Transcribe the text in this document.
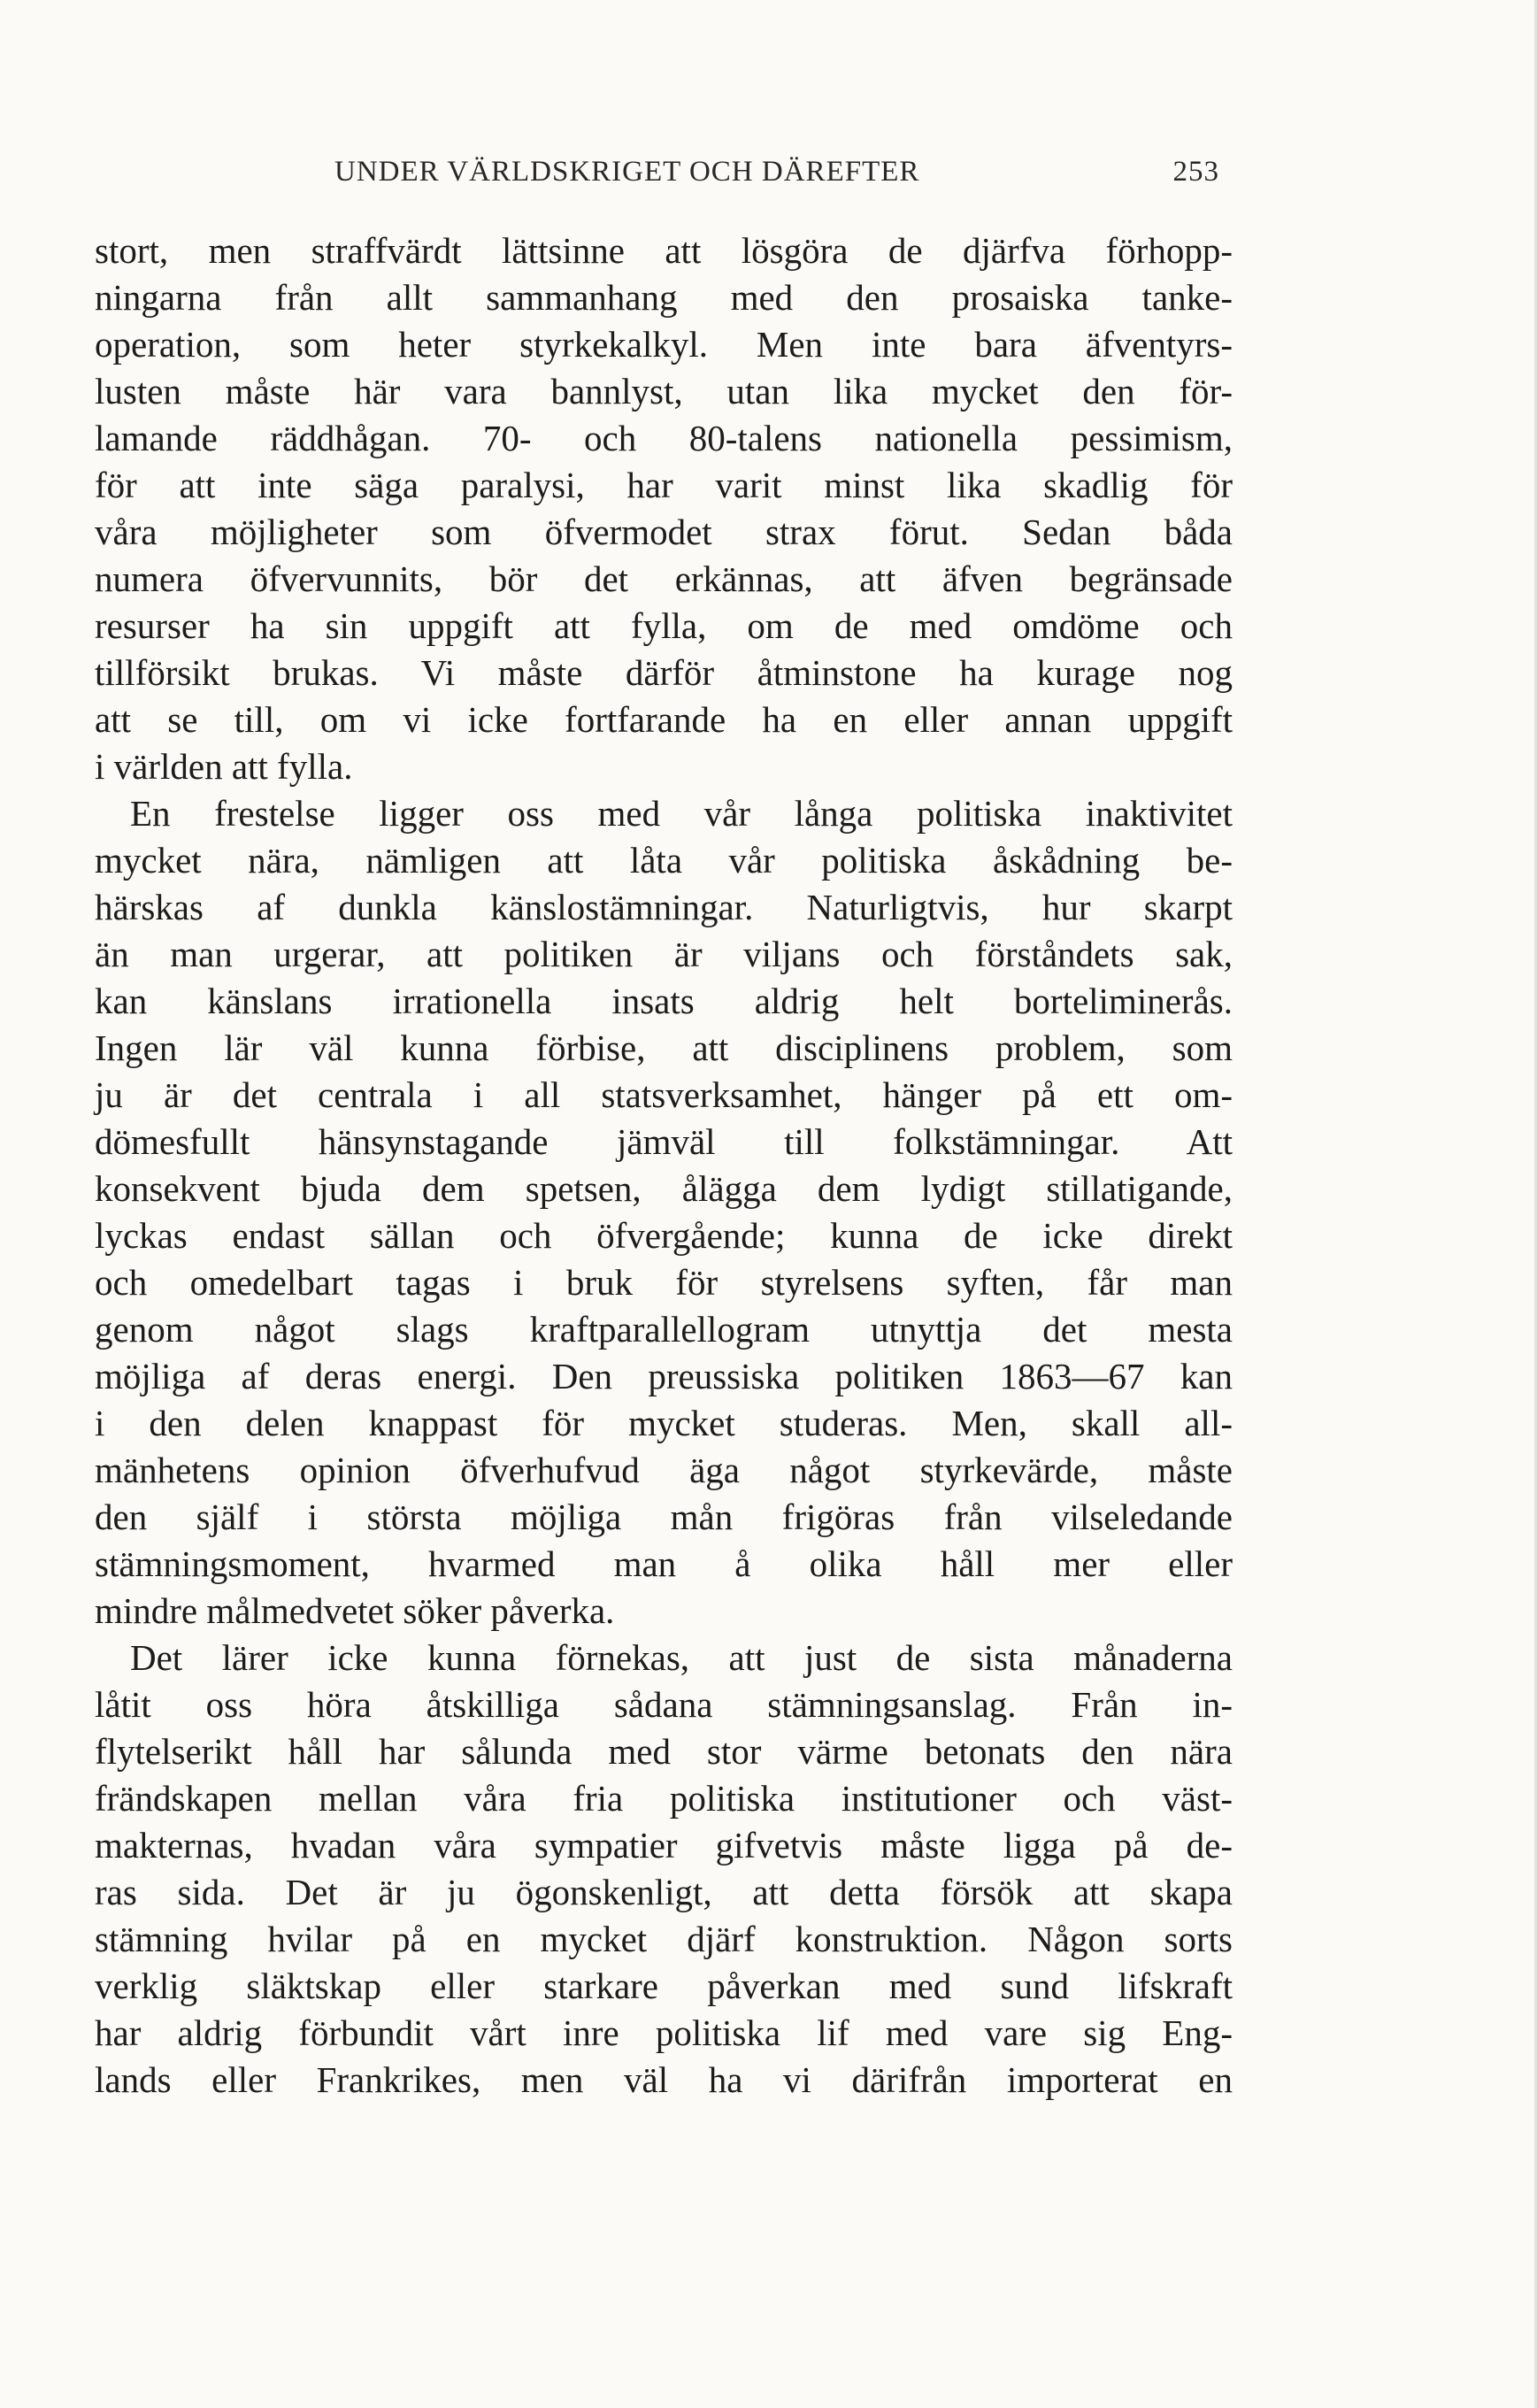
UNDER VÄRLDSKRIGET OCH DÄREFTER	253
stort, men straffvärdt lättsinne att lösgöra de djärfva förhopp-
ningarna från allt sammanhang med den prosaiska tanke-
operation, som heter styrkekalkyl. Men inte bara äfventyrs-
lusten måste här vara bannlyst, utan lika mycket den för-
lamande räddhågan. 70- och 80-talens nationella pessimism,
för att inte säga paralysi, har varit minst lika skadlig för
våra möjligheter som öfvermodet strax förut. Sedan båda
numera öfvervunnits, bör det erkännas, att äfven begränsade
resurser ha sin uppgift att fylla, om de med omdöme och
tillförsikt brukas. Vi måste därför åtminstone ha kurage nog
att se till, om vi icke fortfarande ha en eller annan uppgift
i världen att fylla.
En frestelse ligger oss med vår långa politiska inaktivitet
mycket nära, nämligen att låta vår politiska åskådning be-
härskas af dunkla känslostämningar. Naturligtvis, hur skarpt
än man urgerar, att politiken är viljans och förståndets sak,
kan känslans irrationella insats aldrig helt borteliminerås.
Ingen lär väl kunna förbise, att disciplinens problem, som
ju är det centrala i all statsverksamhet, hänger på ett om-
dömesfullt hänsynstagande jämväl till folkstämningar. Att
konsekvent bjuda dem spetsen, ålägga dem lydigt stillatigande,
lyckas endast sällan och öfvergående; kunna de icke direkt
och omedelbart tagas i bruk för styrelsens syften, får man
genom något slags kraftparallellogram utnyttja det mesta
möjliga af deras energi. Den preussiska politiken 1863—67 kan
i den delen knappast för mycket studeras. Men, skall all-
mänhetens opinion öfverhufvud äga något styrkevärde, måste
den själf i största möjliga mån frigöras från vilseledande
stämningsmoment, hvarmed man å olika håll mer eller
mindre målmedvetet söker påverka.
Det lärer icke kunna förnekas, att just de sista månaderna
låtit oss höra åtskilliga sådana stämningsanslag. Från in-
flytelserikt håll har sålunda med stor värme betonats den nära
frändskapen mellan våra fria politiska institutioner och väst-
makternas, hvadan våra sympatier gifvetvis måste ligga på de-
ras sida. Det är ju ögonskenligt, att detta försök att skapa
stämning hvilar på en mycket djärf konstruktion. Någon sorts
verklig släktskap eller starkare påverkan med sund lifskraft
har aldrig förbundit vårt inre politiska lif med vare sig Eng-
lands eller Frankrikes, men väl ha vi därifrån importerat en
